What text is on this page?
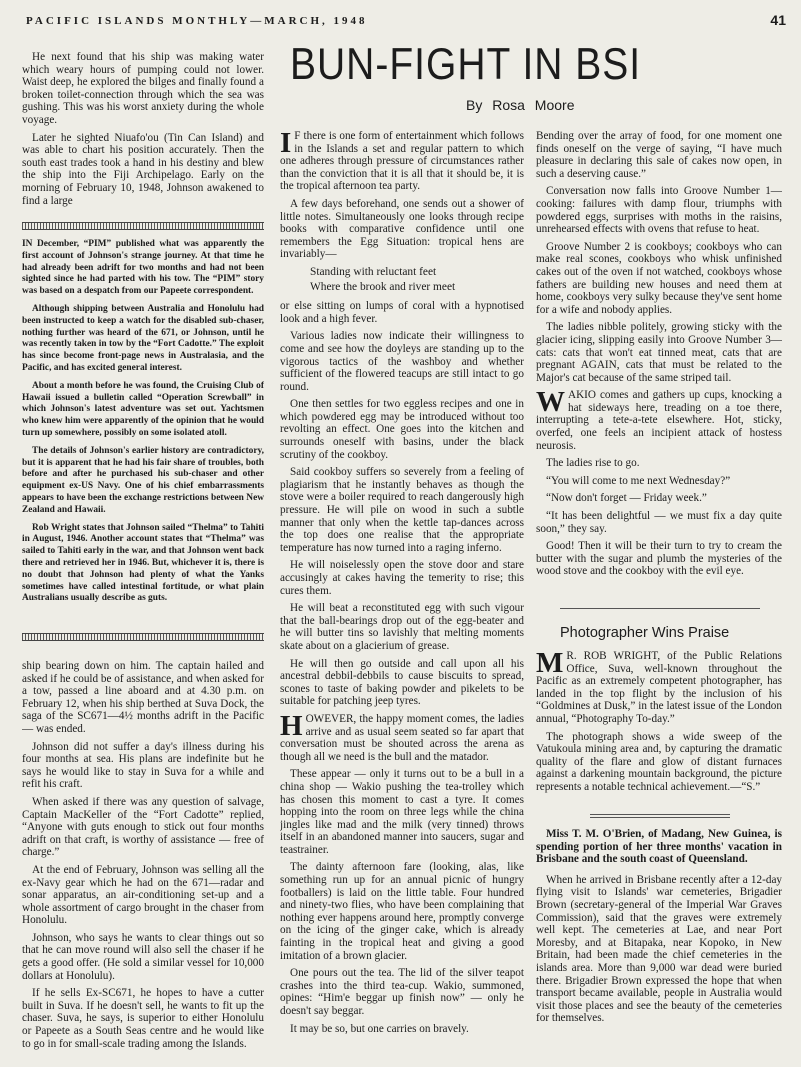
PACIFIC ISLANDS MONTHLY—MARCH, 1948	41

He next found that his ship was making water which weary hours of pumping could not lower. Waist deep, he explored the bilges and finally found a broken toilet-connection through which the sea was gushing. This was his worst anxiety during the whole voyage.

Later he sighted Niuafo'ou (Tin Can Island) and was able to chart his position accurately. Then the south east trades took a hand in his destiny and blew the ship into the Fiji Archipelago. Early on the morning of February 10, 1948, Johnson awakened to find a large

IN December, “PIM” published what was apparently the first account of Johnson's strange journey. At that time he had already been adrift for two months and had not been sighted since he had parted with his tow. The “PIM” story was based on a despatch from our Papeete correspondent.

Although shipping between Australia and Honolulu had been instructed to keep a watch for the disabled sub-chaser, nothing further was heard of the 671, or Johnson, until he was recently taken in tow by the “Fort Cadotte.” The exploit has since become front-page news in Australasia, and the Pacific, and has excited general interest.

About a month before he was found, the Cruising Club of Hawaii issued a bulletin called “Operation Screwball” in which Johnson's latest adventure was set out. Yachtsmen who knew him were apparently of the opinion that he would turn up somewhere, possibly on some isolated atoll.

The details of Johnson's earlier history are contradictory, but it is apparent that he had his fair share of troubles, both before and after he purchased his sub-chaser and other equipment ex-US Navy. One of his chief embarrassments appears to have been the exchange restrictions between New Zealand and Hawaii.

Rob Wright states that Johnson sailed “Thelma” to Tahiti in August, 1946. Another account states that “Thelma” was sailed to Tahiti early in the war, and that Johnson went back there and retrieved her in 1946. But, whichever it is, there is no doubt that Johnson had plenty of what the Yanks sometimes have called intestinal fortitude, or what plain Australians usually describe as guts.

ship bearing down on him. The captain hailed and asked if he could be of assistance, and when asked for a tow, passed a line aboard and at 4.30 p.m. on February 12, when his ship berthed at Suva Dock, the saga of the SC671—4½ months adrift in the Pacific — was ended.

Johnson did not suffer a day's illness during his four months at sea. His plans are indefinite but he says he would like to stay in Suva for a while and refit his craft.

When asked if there was any question of salvage, Captain MacKeller of the “Fort Cadotte” replied, “Anyone with guts enough to stick out four months adrift on that craft, is worthy of assistance — free of charge.”

At the end of February, Johnson was selling all the ex-Navy gear which he had on the 671—radar and sonar apparatus, an air-conditioning set-up and a whole assortment of cargo brought in the chaser from Honolulu.

Johnson, who says he wants to clear things out so that he can move round will also sell the chaser if he gets a good offer. (He sold a similar vessel for 10,000 dollars at Honolulu).

If he sells Ex-SC671, he hopes to have a cutter built in Suva. If he doesn't sell, he wants to fit up the chaser. Suva, he says, is superior to either Honolulu or Papeete as a South Seas centre and he would like to go in for small-scale trading among the Islands.

BUN-FIGHT IN BSI
By Rosa Moore

I F there is one form of entertainment which follows in the Islands a set and regular pattern to which one adheres through pressure of circumstances rather than the conviction that it is all that it should be, it is the tropical afternoon tea party.

A few days beforehand, one sends out a shower of little notes. Simultaneously one looks through recipe books with comparative confidence until one remembers the Egg Situation: tropical hens are invariably—

Standing with reluctant feet

Where the brook and river meet

or else sitting on lumps of coral with a hypnotised look and a high fever.

Various ladies now indicate their willingness to come and see how the doyleys are standing up to the vigorous tactics of the washboy and whether sufficient of the flowered teacups are still intact to go round.

One then settles for two eggless recipes and one in which powdered egg may be introduced without too revolting an effect. One goes into the kitchen and surrounds oneself with basins, under the black scrutiny of the cookboy.

Said cookboy suffers so severely from a feeling of plagiarism that he instantly behaves as though the stove were a boiler required to reach dangerously high pressure. He will pile on wood in such a subtle manner that only when the kettle tap-dances across the top does one realise that the appropriate temperature has now turned into a raging inferno.

He will noiselessly open the stove door and stare accusingly at cakes having the temerity to rise; this cures them.

He will beat a reconstituted egg with such vigour that the ball-bearings drop out of the egg-beater and he will butter tins so lavishly that melting moments skate about on a glacierium of grease.

He will then go outside and call upon all his ancestral debbil-debbils to cause biscuits to spread, scones to taste of baking powder and pikelets to be suitable for patching jeep tyres.

HOWEVER, the happy moment comes, the ladies arrive and as usual seem seated so far apart that conversation must be shouted across the arena as though all we need is the bull and the matador.

These appear — only it turns out to be a bull in a china shop — Wakio pushing the tea-trolley which has chosen this moment to cast a tyre. It comes hopping into the room on three legs while the china jingles like mad and the milk (very tinned) throws itself in an abandoned manner into saucers, sugar and teastrainer.

The dainty afternoon fare (looking, alas, like something run up for an annual picnic of hungry footballers) is laid on the little table. Four hundred and ninety-two flies, who have been complaining that nothing ever happens around here, promptly converge on the icing of the ginger cake, which is already fainting in the tropical heat and giving a good imitation of a brown glacier.

One pours out the tea. The lid of the silver teapot crashes into the third tea-cup. Wakio, summoned, opines: “Him'e beggar up finish now” — only he doesn't say beggar.

It may be so, but one carries on bravely.

Bending over the array of food, for one moment one finds oneself on the verge of saying, “I have much pleasure in declaring this sale of cakes now open, in such a deserving cause.”

Conversation now falls into Groove Number 1—cooking: failures with damp flour, triumphs with powdered eggs, surprises with moths in the raisins, unrehearsed effects with ovens that refuse to heat.

Groove Number 2 is cookboys; cookboys who can make real scones, cookboys who whisk unfinished cakes out of the oven if not watched, cookboys whose fathers are building new houses and need them at home, cookboys very sulky because they've sent home for a wife and nobody applies.

The ladies nibble politely, growing sticky with the glacier icing, slipping easily into Groove Number 3—cats: cats that won't eat tinned meat, cats that are pregnant AGAIN, cats that must be related to the Major's cat because of the same striped tail.

WAKIO comes and gathers up cups, knocking a hat sideways here, treading on a toe there, interrupting a tete-a-tete elsewhere. Hot, sticky, overfed, one feels an incipient attack of hostess neurosis.

The ladies rise to go.

“You will come to me next Wednesday?”

“Now don't forget — Friday week.”

“It has been delightful — we must fix a day quite soon,” they say.

Good! Then it will be their turn to try to cream the butter with the sugar and plumb the mysteries of the wood stove and the cookboy with the evil eye.

Photographer Wins Praise

M R. ROB WRIGHT, of the Public Relations Office, Suva, well-known throughout the Pacific as an extremely competent photographer, has landed in the top flight by the inclusion of his “Goldmines at Dusk,” in the latest issue of the London annual, “Photography To-day.”

The photograph shows a wide sweep of the Vatukoula mining area and, by capturing the dramatic quality of the flare and glow of distant furnaces against a darkening mountain background, the picture represents a notable technical achievement.—“S.”

Miss T. M. O'Brien, of Madang, New Guinea, is spending portion of her three months' vacation in Brisbane and the south coast of Queensland.

When he arrived in Brisbane recently after a 12-day flying visit to Islands' war cemeteries, Brigadier Brown (secretary-general of the Imperial War Graves Commission), said that the graves were extremely well kept. The cemeteries at Lae, and near Port Moresby, and at Bitapaka, near Kopoko, in New Britain, had been made the chief cemeteries in the islands area. More than 9,000 war dead were buried there. Brigadier Brown expressed the hope that when transport became available, people in Australia would visit those places and see the beauty of the cemeteries for themselves.
